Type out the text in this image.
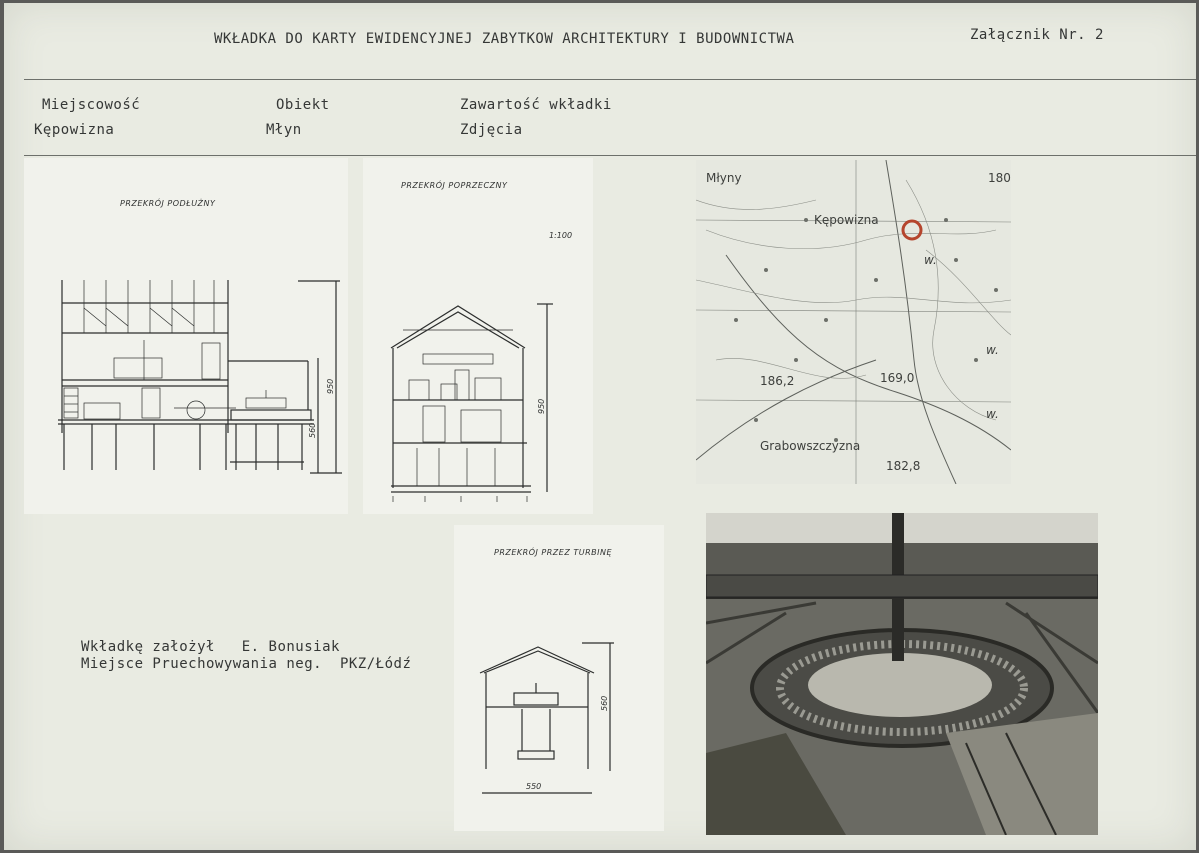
WKŁADKA DO KARTY EWIDENCYJNEJ ZABYTKOW ARCHITEKTURY I BUDOWNICTWA	Załącznik Nr. 2
Miejscowość
Kępowizna
Obiekt
Młyn
Zawartość wkładki
Zdjęcia
PRZEKRÓJ PODŁUŻNY
950
560
PRZEKRÓJ POPRZECZNY
1:100
950
Młyny
Kępowizna
180
186,2	169,0
Grabowszczyzna
182,8
w.
w.
w.
PRZEKRÓJ PRZEZ TURBINĘ
560
550
Wkładkę założył E. Bonusiak
Miejsce Pruechowywania neg. PKZ/Łódź
